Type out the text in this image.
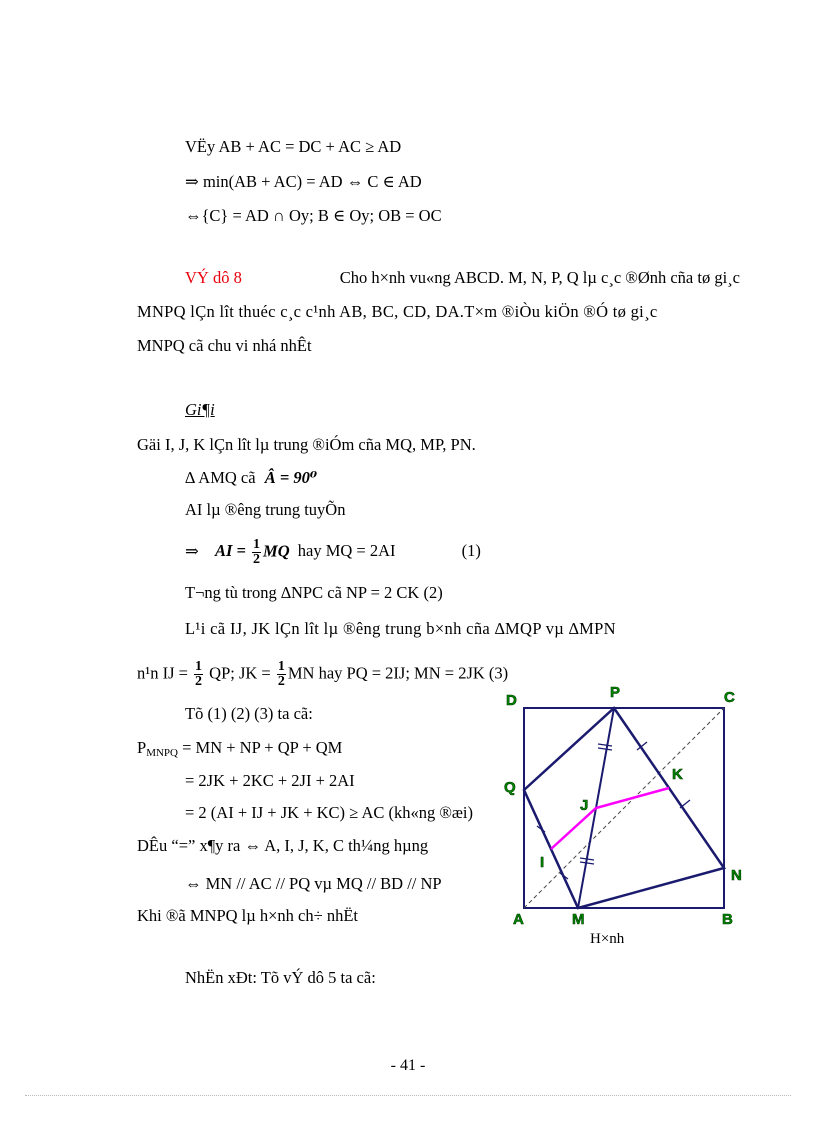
VËy AB + AC = DC + AC ≥ AD
⇒ min(AB + AC) = AD ⇔ C ∈ AD
⇔{C} = AD ∩ Oy; B ∈ Oy; OB = OC
VÝ dô 8	Cho h×nh vu«ng ABCD. M, N, P, Q lµ c¸c ®Ønh cña tø gi¸c
MNPQ lÇn lît thuéc c¸c c¹nh AB, BC, CD, DA.T×m ®iÒu kiÖn ®Ó tø gi¸c
MNPQ cã chu vi nhá nhÊt
Gi¶i
Gäi I, J, K lÇn lît lµ trung ®iÓm cña MQ, MP, PN.
∆ AMQ cã Â = 90⁰
AI lµ ®êng trung tuyÕn
⇒ AI = $\frac{1}{2}$ MQ hay MQ = 2AI	(1)
T¬ng tù trong ∆NPC cã NP = 2 CK (2)
L¹i cã IJ, JK lÇn lît lµ ®êng trung b×nh cña ∆MQP vµ ∆MPN
n¹n IJ = $\frac{1}{2}$ QP; JK = $\frac{1}{2}$ MN hay PQ = 2IJ; MN = 2JK (3)
Tõ (1) (2) (3) ta cã:
$P_{MNPQ}$ = MN + NP + QP + QM
= 2JK + 2KC + 2JI + 2AI
= 2 (AI + IJ + JK + KC) ≥ AC (kh«ng ®æi)
DÊu “=” x¶y ra ⇔ A, I, J, K, C th¼ng hµng
⇔ MN // AC // PQ vµ MQ // BD // NP
Khi ®ã MNPQ lµ h×nh ch÷ nhËt
NhËn xÐt: Tõ vÝ dô 5 ta cã:
D	P	C
Q
K
J
I
N
A	M	B
H×nh
- 41 -
